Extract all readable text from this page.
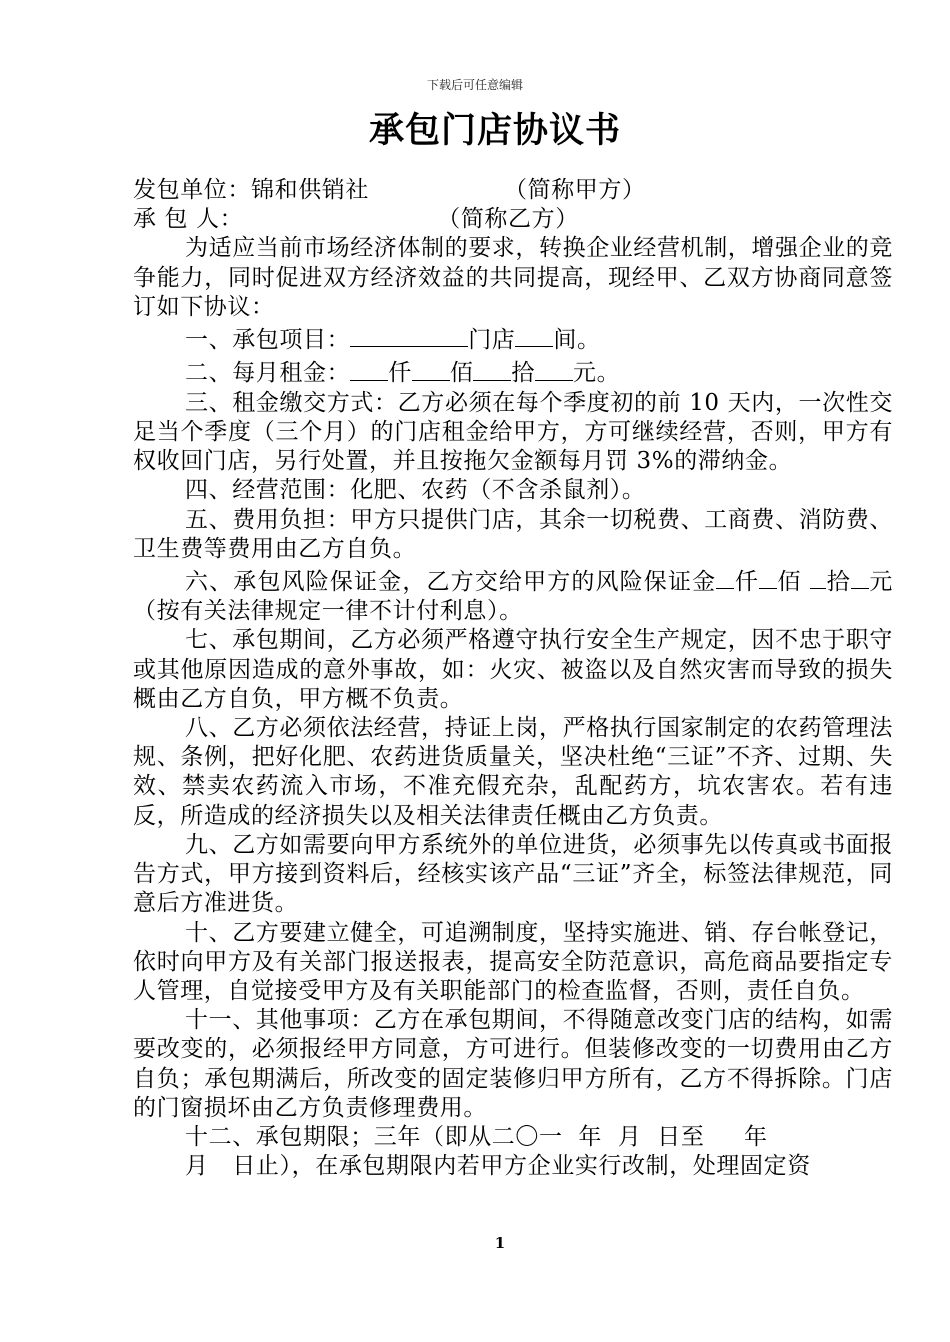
下载后可任意编辑
承包门店协议书

发包单位：锦和供销社	（简称甲方）

承 包 人：	（简称乙方）

为适应当前市场经济体制的要求，转换企业经营机制，增强企业的竞争能力，同时促进双方经济效益的共同提高，现经甲、乙双方协商同意签订如下协议：

一、承包项目：	门店 间。

二、每月租金： 仟 佰 拾 元。

三、租金缴交方式：乙方必须在每个季度初的前 10 天内，一次性交足当个季度（三个月）的门店租金给甲方，方可继续经营，否则，甲方有权收回门店，另行处置，并且按拖欠金额每月罚 3%的滞纳金。

四、经营范围：化肥、农药（不含杀鼠剂）。

五、费用负担：甲方只提供门店，其余一切税费、工商费、消防费、卫生费等费用由乙方自负。

六、承包风险保证金，乙方交给甲方的风险保证金 仟 佰 拾 元（按有关法律规定一律不计付利息）。

七、承包期间，乙方必须严格遵守执行安全生产规定，因不忠于职守或其他原因造成的意外事故，如：火灾、被盗以及自然灾害而导致的损失概由乙方自负，甲方概不负责。

八、乙方必须依法经营，持证上岗，严格执行国家制定的农药管理法规、条例，把好化肥、农药进货质量关，坚决杜绝“三证”不齐、过期、失效、禁卖农药流入市场，不准充假充杂，乱配药方，坑农害农。若有违反，所造成的经济损失以及相关法律责任概由乙方负责。

九、乙方如需要向甲方系统外的单位进货，必须事先以传真或书面报告方式，甲方接到资料后，经核实该产品“三证”齐全，标签法律规范，同意后方准进货。

十、乙方要建立健全，可追溯制度，坚持实施进、销、存台帐登记，依时向甲方及有关部门报送报表，提高安全防范意识，高危商品要指定专人管理，自觉接受甲方及有关职能部门的检查监督，否则，责任自负。

十一、其他事项：乙方在承包期间，不得随意改变门店的结构，如需要改变的，必须报经甲方同意，方可进行。但装修改变的一切费用由乙方自负；承包期满后，所改变的固定装修归甲方所有，乙方不得拆除。门店的门窗损坏由乙方负责修理费用。

十二、承包期限；三年（即从二〇一  年  月  日至     年

月   日止），在承包期限内若甲方企业实行改制，处理固定资

1
